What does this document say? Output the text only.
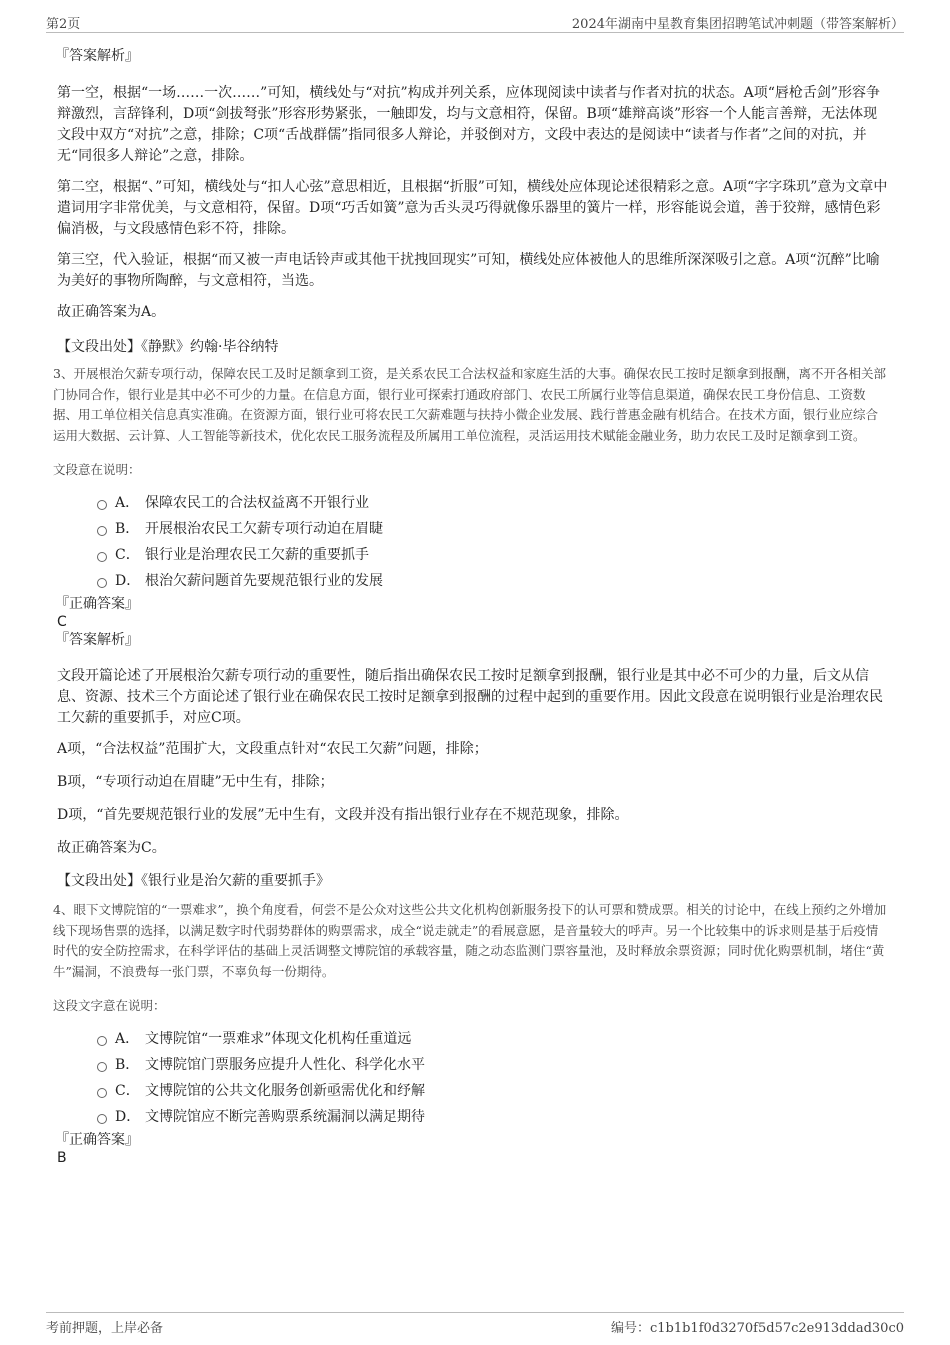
第2页	2024年湖南中星教育集团招聘笔试冲刺题（带答案解析）
『答案解析』

第一空，根据“一场……一次……”可知，横线处与“对抗”构成并列关系，应体现阅读中读者与作者对抗的状态。A项“唇枪舌剑”形容争辩激烈，言辞锋利，D项“剑拔弩张”形容形势紧张，一触即发，均与文意相符，保留。B项“雄辩高谈”形容一个人能言善辩，无法体现文段中双方“对抗”之意，排除；C项“舌战群儒”指同很多人辩论，并驳倒对方，文段中表达的是阅读中“读者与作者”之间的对抗，并无“同很多人辩论”之意，排除。

第二空，根据“、”可知，横线处与“扣人心弦”意思相近，且根据“折服”可知，横线处应体现论述很精彩之意。A项“字字珠玑”意为文章中遣词用字非常优美，与文意相符，保留。D项“巧舌如簧”意为舌头灵巧得就像乐器里的簧片一样，形容能说会道，善于狡辩，感情色彩偏消极，与文段感情色彩不符，排除。

第三空，代入验证，根据“而又被一声电话铃声或其他干扰拽回现实”可知，横线处应体被他人的思维所深深吸引之意。A项“沉醉”比喻为美好的事物所陶醉，与文意相符，当选。

故正确答案为A。

【文段出处】《静默》约翰·毕谷纳特

3、开展根治欠薪专项行动，保障农民工及时足额拿到工资，是关系农民工合法权益和家庭生活的大事。确保农民工按时足额拿到报酬，离不开各相关部门协同合作，银行业是其中必不可少的力量。在信息方面，银行业可探索打通政府部门、农民工所属行业等信息渠道，确保农民工身份信息、工资数据、用工单位相关信息真实准确。在资源方面，银行业可将农民工欠薪难题与扶持小微企业发展、践行普惠金融有机结合。在技术方面，银行业应综合运用大数据、云计算、人工智能等新技术，优化农民工服务流程及所属用工单位流程，灵活运用技术赋能金融业务，助力农民工及时足额拿到工资。

文段意在说明：

A． 保障农民工的合法权益离不开银行业
B． 开展根治农民工欠薪专项行动迫在眉睫
C． 银行业是治理农民工欠薪的重要抓手
D． 根治欠薪问题首先要规范银行业的发展
『正确答案』
C
『答案解析』

文段开篇论述了开展根治欠薪专项行动的重要性，随后指出确保农民工按时足额拿到报酬，银行业是其中必不可少的力量，后文从信息、资源、技术三个方面论述了银行业在确保农民工按时足额拿到报酬的过程中起到的重要作用。因此文段意在说明银行业是治理农民工欠薪的重要抓手，对应C项。

A项，“合法权益”范围扩大，文段重点针对“农民工欠薪”问题，排除；

B项，“专项行动迫在眉睫”无中生有，排除；

D项，“首先要规范银行业的发展”无中生有，文段并没有指出银行业存在不规范现象，排除。

故正确答案为C。

【文段出处】《银行业是治欠薪的重要抓手》

4、眼下文博院馆的“一票难求”，换个角度看，何尝不是公众对这些公共文化机构创新服务投下的认可票和赞成票。相关的讨论中，在线上预约之外增加线下现场售票的选择，以满足数字时代弱势群体的购票需求，成全“说走就走”的看展意愿，是音量较大的呼声。另一个比较集中的诉求则是基于后疫情时代的安全防控需求，在科学评估的基础上灵活调整文博院馆的承载容量，随之动态监测门票容量池，及时释放余票资源；同时优化购票机制，堵住“黄牛”漏洞，不浪费每一张门票，不辜负每一份期待。

这段文字意在说明：

A． 文博院馆“一票难求”体现文化机构任重道远
B． 文博院馆门票服务应提升人性化、科学化水平
C． 文博院馆的公共文化服务创新亟需优化和纾解
D． 文博院馆应不断完善购票系统漏洞以满足期待
『正确答案』
B
考前押题，上岸必备	编号：c1b1b1f0d3270f5d57c2e913ddad30c0
